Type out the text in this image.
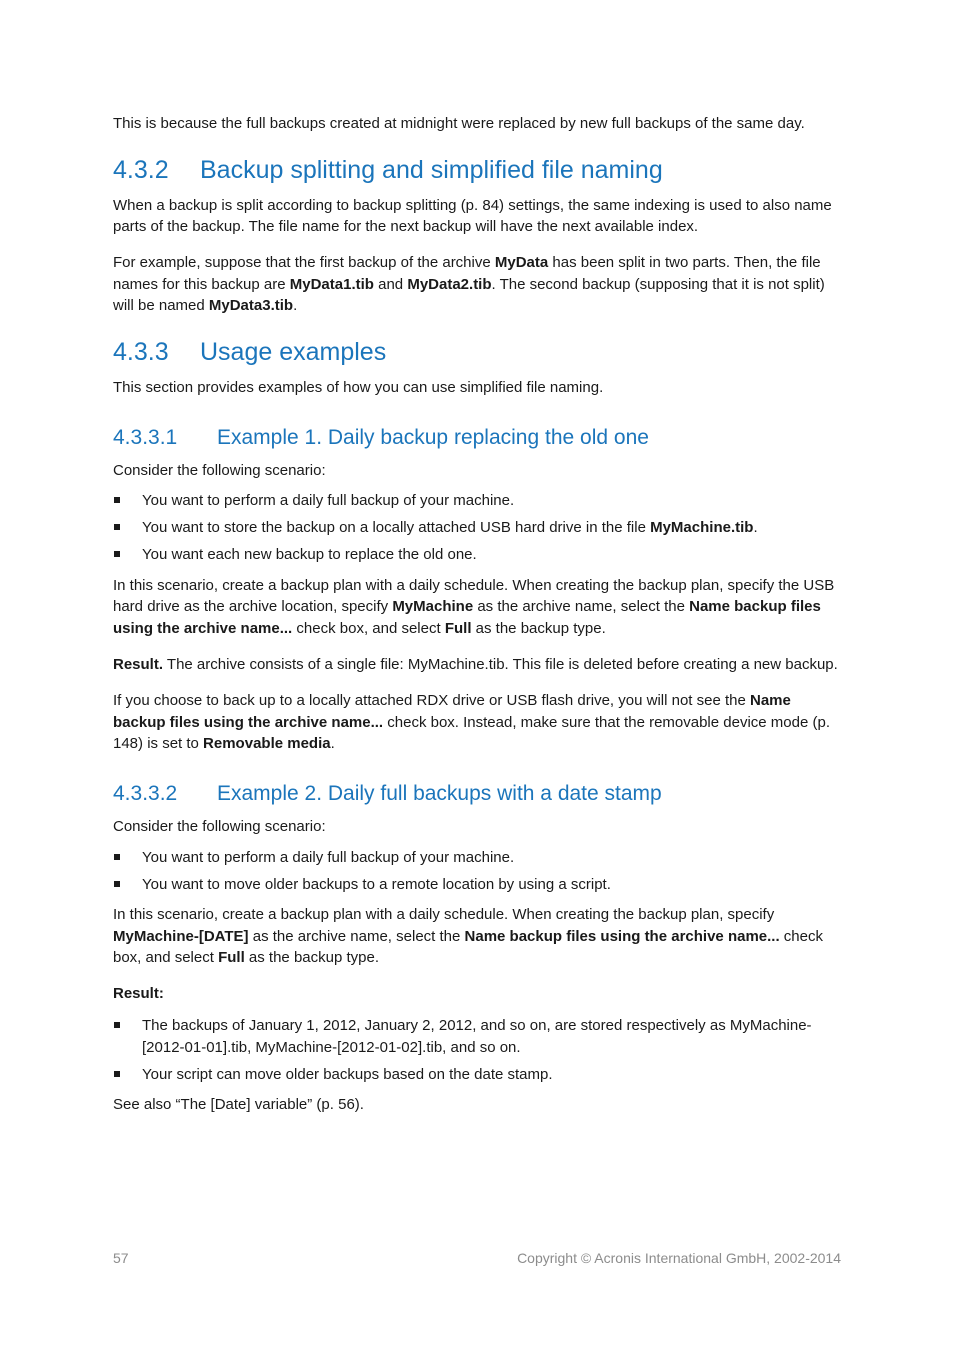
This is because the full backups created at midnight were replaced by new full backups of the same day.

4.3.2 Backup splitting and simplified file naming

When a backup is split according to backup splitting (p. 84) settings, the same indexing is used to also name parts of the backup. The file name for the next backup will have the next available index.

For example, suppose that the first backup of the archive MyData has been split in two parts. Then, the file names for this backup are MyData1.tib and MyData2.tib. The second backup (supposing that it is not split) will be named MyData3.tib.

4.3.3 Usage examples

This section provides examples of how you can use simplified file naming.

4.3.3.1 Example 1. Daily backup replacing the old one

Consider the following scenario:

You want to perform a daily full backup of your machine.
You want to store the backup on a locally attached USB hard drive in the file MyMachine.tib.
You want each new backup to replace the old one.

In this scenario, create a backup plan with a daily schedule. When creating the backup plan, specify the USB hard drive as the archive location, specify MyMachine as the archive name, select the Name backup files using the archive name... check box, and select Full as the backup type.

Result. The archive consists of a single file: MyMachine.tib. This file is deleted before creating a new backup.

If you choose to back up to a locally attached RDX drive or USB flash drive, you will not see the Name backup files using the archive name... check box. Instead, make sure that the removable device mode (p. 148) is set to Removable media.

4.3.3.2 Example 2. Daily full backups with a date stamp

Consider the following scenario:

You want to perform a daily full backup of your machine.
You want to move older backups to a remote location by using a script.

In this scenario, create a backup plan with a daily schedule. When creating the backup plan, specify MyMachine-[DATE] as the archive name, select the Name backup files using the archive name... check box, and select Full as the backup type.

Result:

The backups of January 1, 2012, January 2, 2012, and so on, are stored respectively as MyMachine-[2012-01-01].tib, MyMachine-[2012-01-02].tib, and so on.
Your script can move older backups based on the date stamp.

See also “The [Date] variable” (p. 56).

57	Copyright © Acronis International GmbH, 2002-2014
